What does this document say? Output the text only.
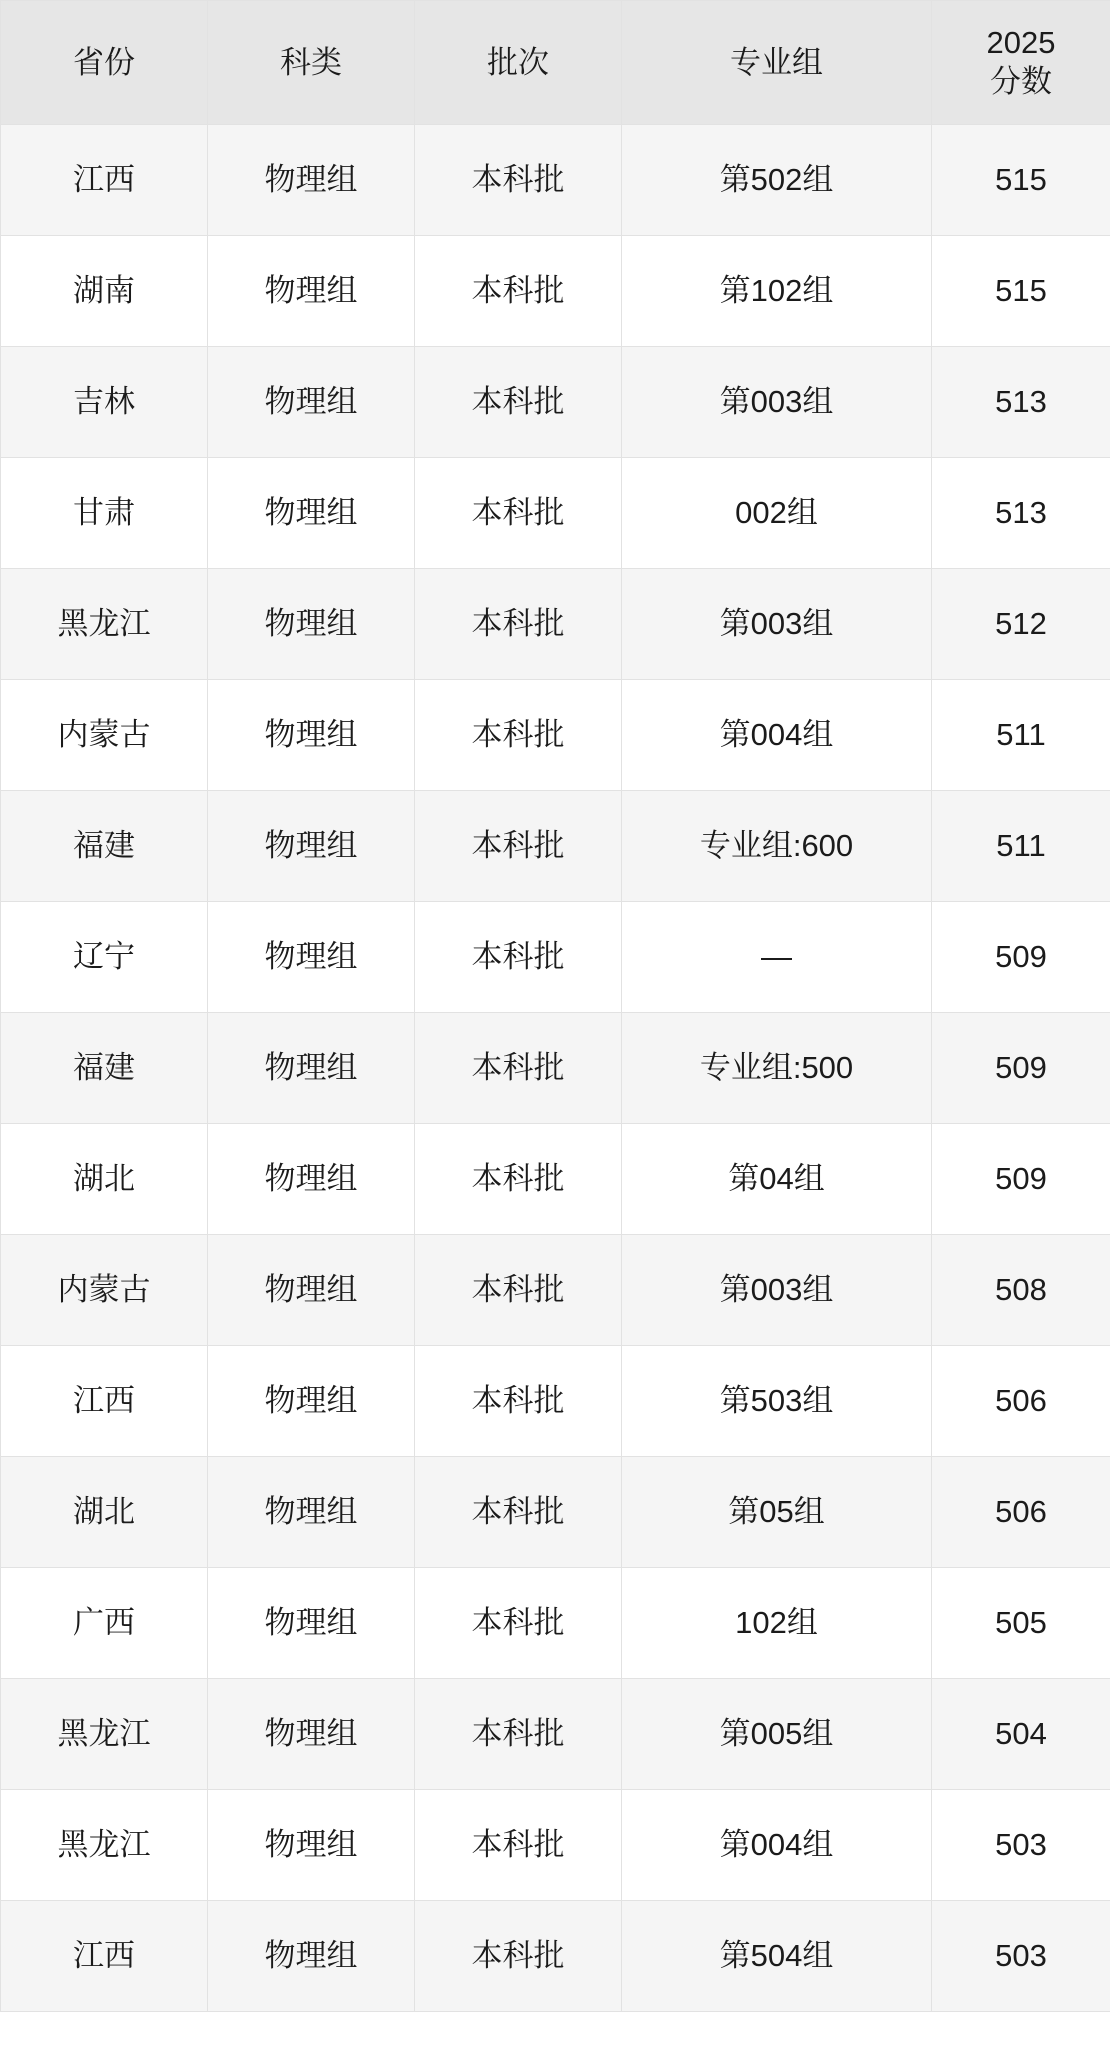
省份	科类	批次	专业组	2025
分数

江西	物理组	本科批	第502组	515
湖南	物理组	本科批	第102组	515
吉林	物理组	本科批	第003组	513
甘肃	物理组	本科批	002组	513
黑龙江	物理组	本科批	第003组	512
内蒙古	物理组	本科批	第004组	511
福建	物理组	本科批	专业组:600	511
辽宁	物理组	本科批	—	509
福建	物理组	本科批	专业组:500	509
湖北	物理组	本科批	第04组	509
内蒙古	物理组	本科批	第003组	508
江西	物理组	本科批	第503组	506
湖北	物理组	本科批	第05组	506
广西	物理组	本科批	102组	505
黑龙江	物理组	本科批	第005组	504
黑龙江	物理组	本科批	第004组	503
江西	物理组	本科批	第504组	503
